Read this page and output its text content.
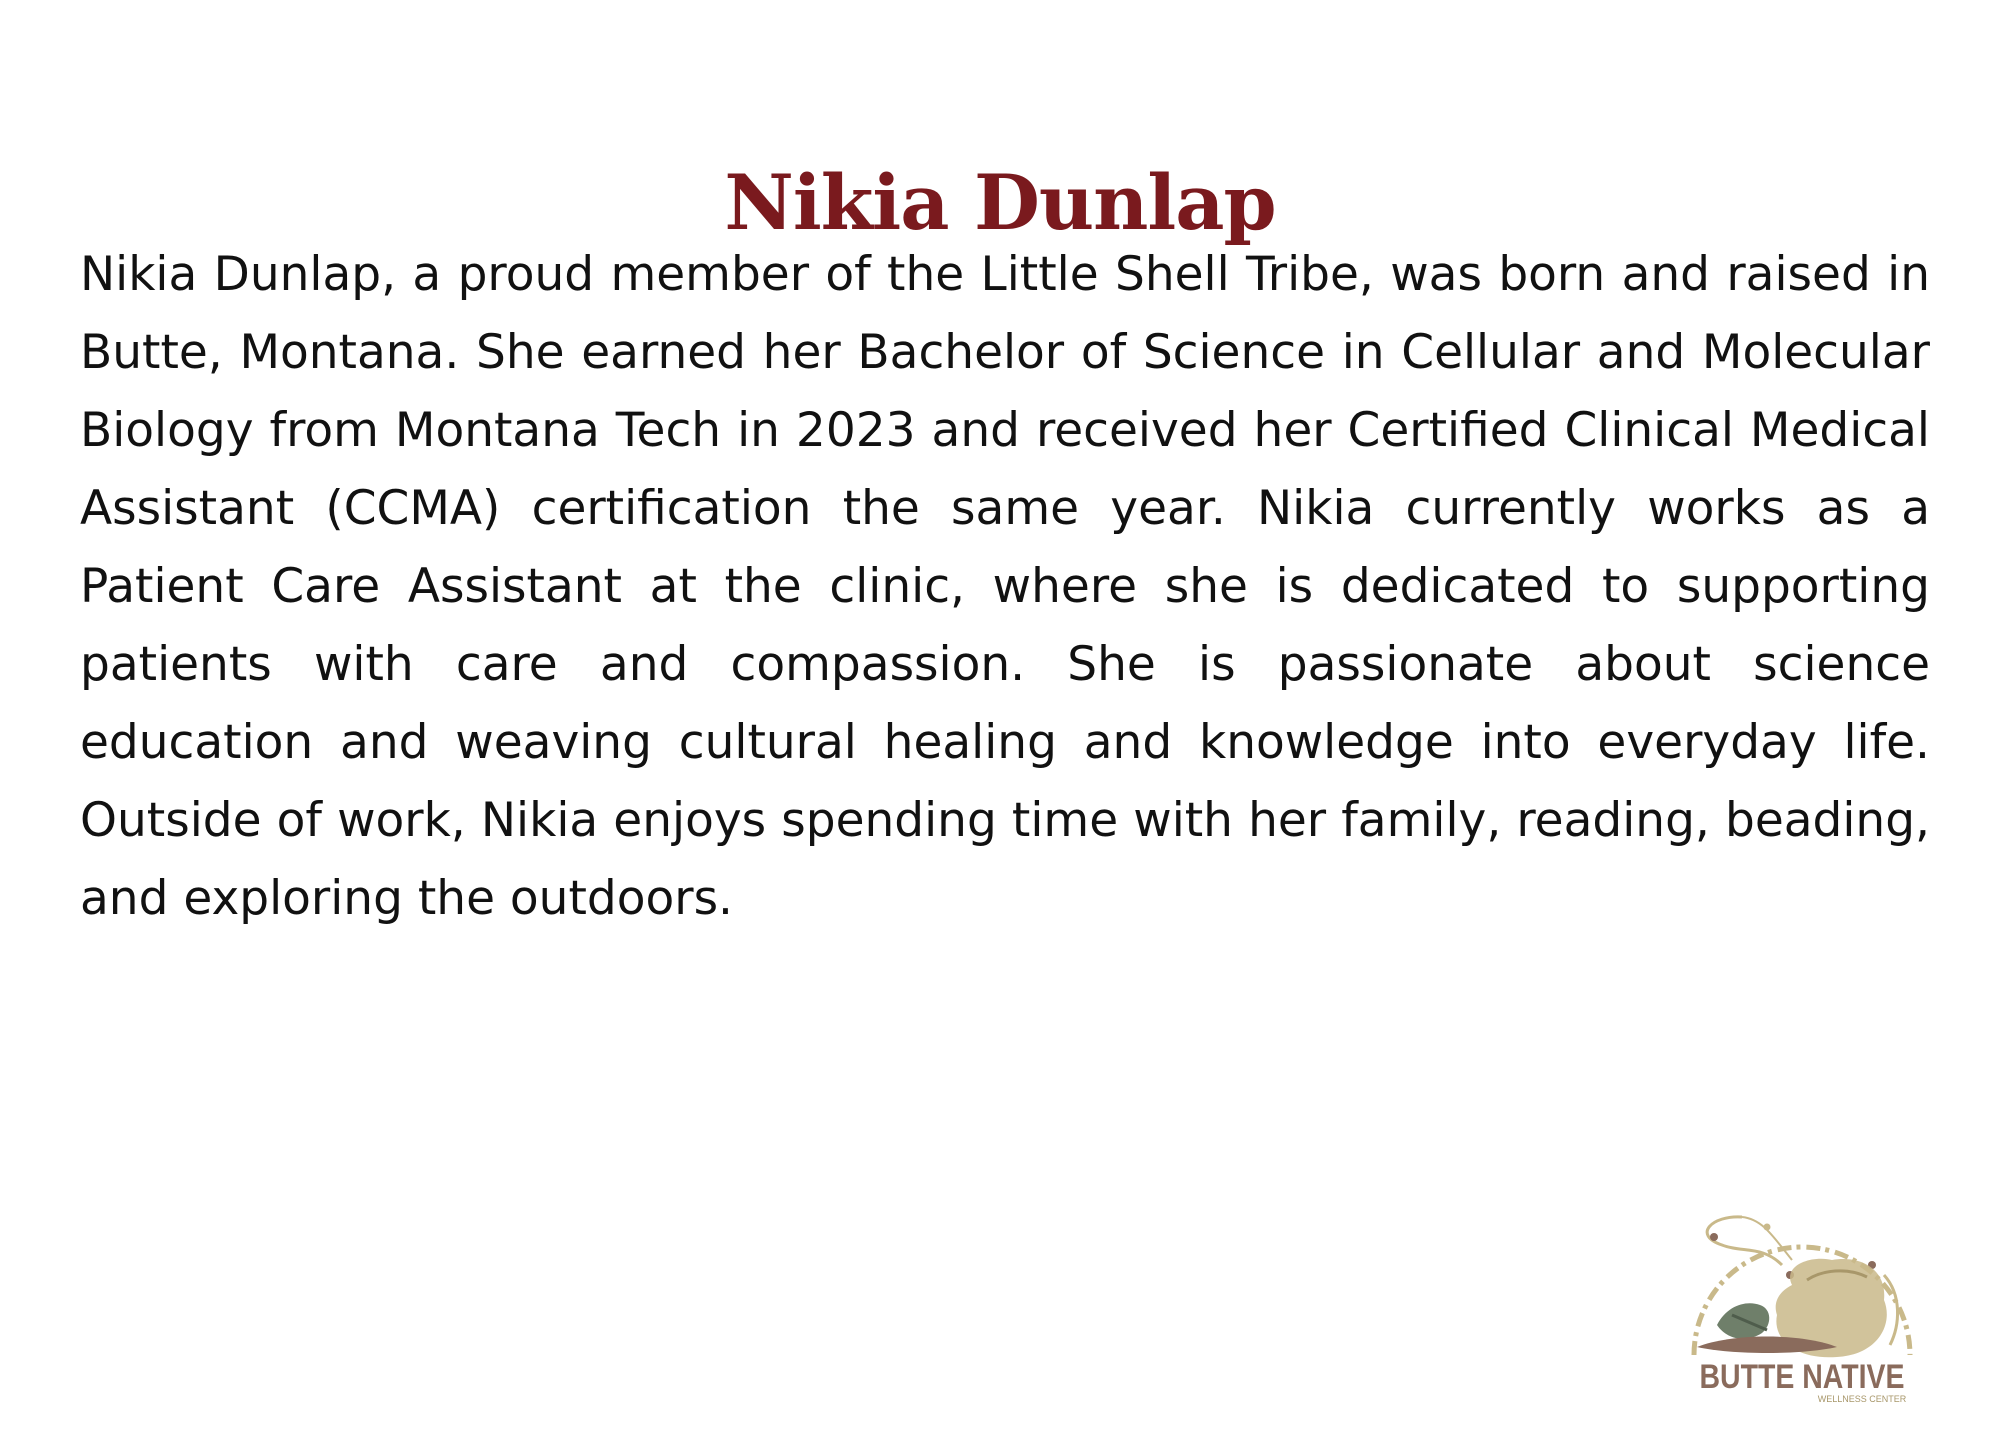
Nikia Dunlap

Nikia Dunlap, a proud member of the Little Shell Tribe, was born and raised in Butte, Montana. She earned her Bachelor of Science in Cellular and Molecular Biology from Montana Tech in 2023 and received her Certified Clinical Medical Assistant (CCMA) certification the same year. Nikia currently works as a Patient Care Assistant at the clinic, where she is dedicated to supporting patients with care and compassion. She is passionate about science education and weaving cultural healing and knowledge into everyday life. Outside of work, Nikia enjoys spending time with her family, reading, beading, and exploring the outdoors.

BUTTE NATIVE
WELLNESS CENTER
